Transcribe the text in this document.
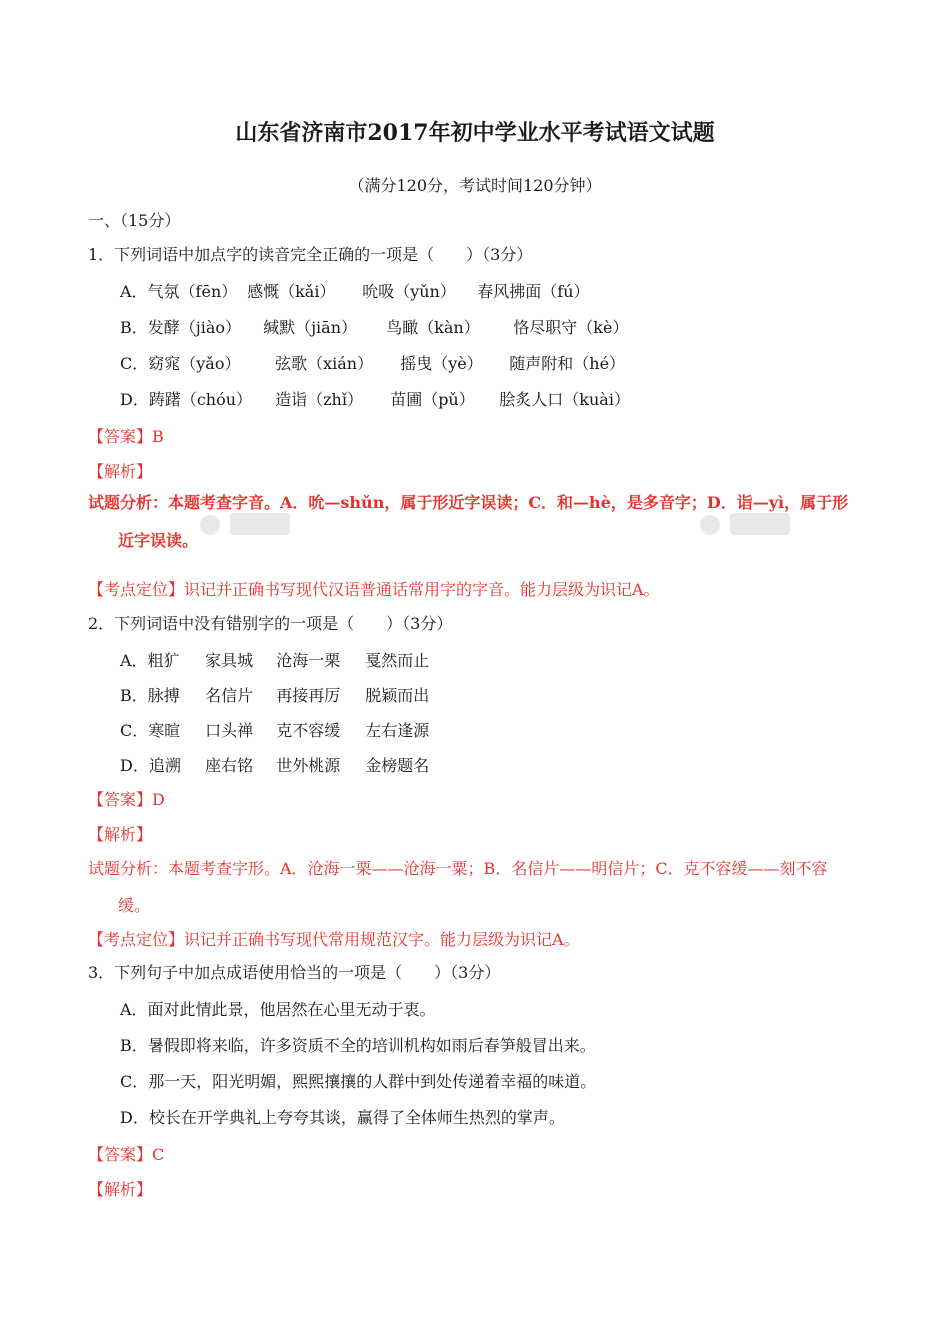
山东省济南市2017年初中学业水平考试语文试题
（满分120分，考试时间120分钟）
一、（15分）
1．下列词语中加点字的读音完全正确的一项是（　　）（3分）
A．气氛（fēn） 感慨（kǎi） 吮吸（yǔn） 春风拂面（fú）
B．发酵（jiào） 缄默（jiān） 鸟瞰（kàn） 恪尽职守（kè）
C．窈窕（yǎo） 弦歌（xián） 摇曳（yè） 随声附和（hé）
D．踌躇（chóu） 造诣（zhǐ） 苗圃（pǔ） 脍炙人口（kuài）
【答案】B
【解析】
试题分析：本题考查字音。A．吮—shǔn，属于形近字误读；C．和—hè，是多音字；D．诣—yì，属于形
近字误读。
【考点定位】识记并正确书写现代汉语普通话常用字的字音。能力层级为识记A。
2．下列词语中没有错别字的一项是（　　）（3分）
A．粗犷 家具城 沧海一栗 戛然而止
B．脉搏 名信片 再接再厉 脱颖而出
C．寒暄 口头禅 克不容缓 左右逢源
D．追溯 座右铭 世外桃源 金榜题名
【答案】D
【解析】
试题分析：本题考查字形。A．沧海一栗——沧海一粟；B．名信片——明信片；C．克不容缓——刻不容
缓。
【考点定位】识记并正确书写现代常用规范汉字。能力层级为识记A。
3．下列句子中加点成语使用恰当的一项是（　　）（3分）
A．面对此情此景，他居然在心里无动于衷。
B．暑假即将来临，许多资质不全的培训机构如雨后春笋般冒出来。
C．那一天，阳光明媚，熙熙攘攘的人群中到处传递着幸福的味道。
D．校长在开学典礼上夸夸其谈，赢得了全体师生热烈的掌声。
【答案】C
【解析】
